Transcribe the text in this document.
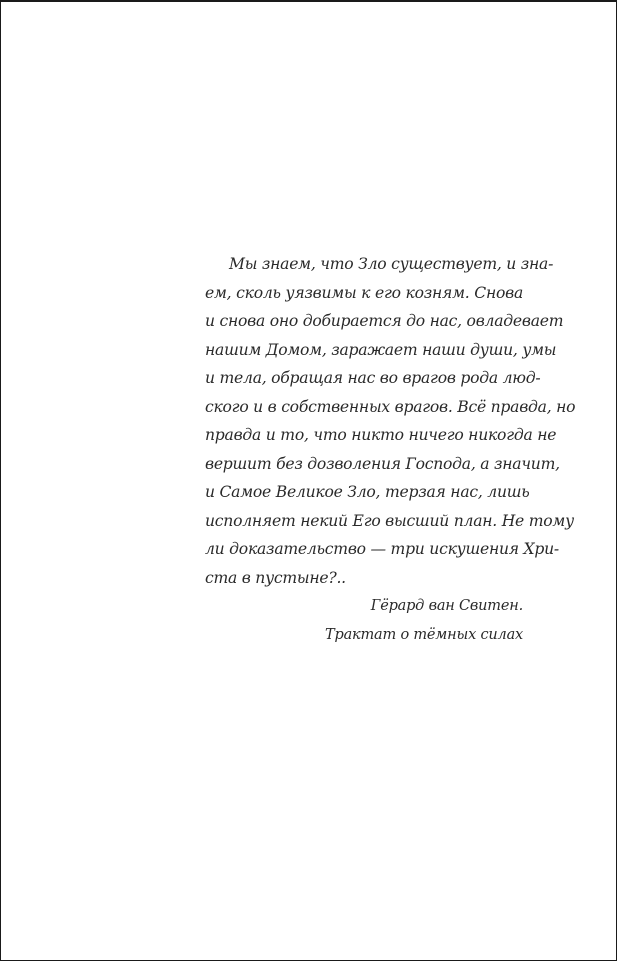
Мы знаем, что Зло существует, и зна-
ем, сколь уязвимы к его козням. Снова
и снова оно добирается до нас, овладевает
нашим Домом, заражает наши души, умы
и тела, обращая нас во врагов рода люд-
ского и в собственных врагов. Всё правда, но
правда и то, что никто ничего никогда не
вершит без дозволения Господа, а значит,
и Самое Великое Зло, терзая нас, лишь
исполняет некий Его высший план. Не тому
ли доказательство — три искушения Хри-
ста в пустыне?..
Гёрард ван Свитен.
Трактат о тёмных силах
